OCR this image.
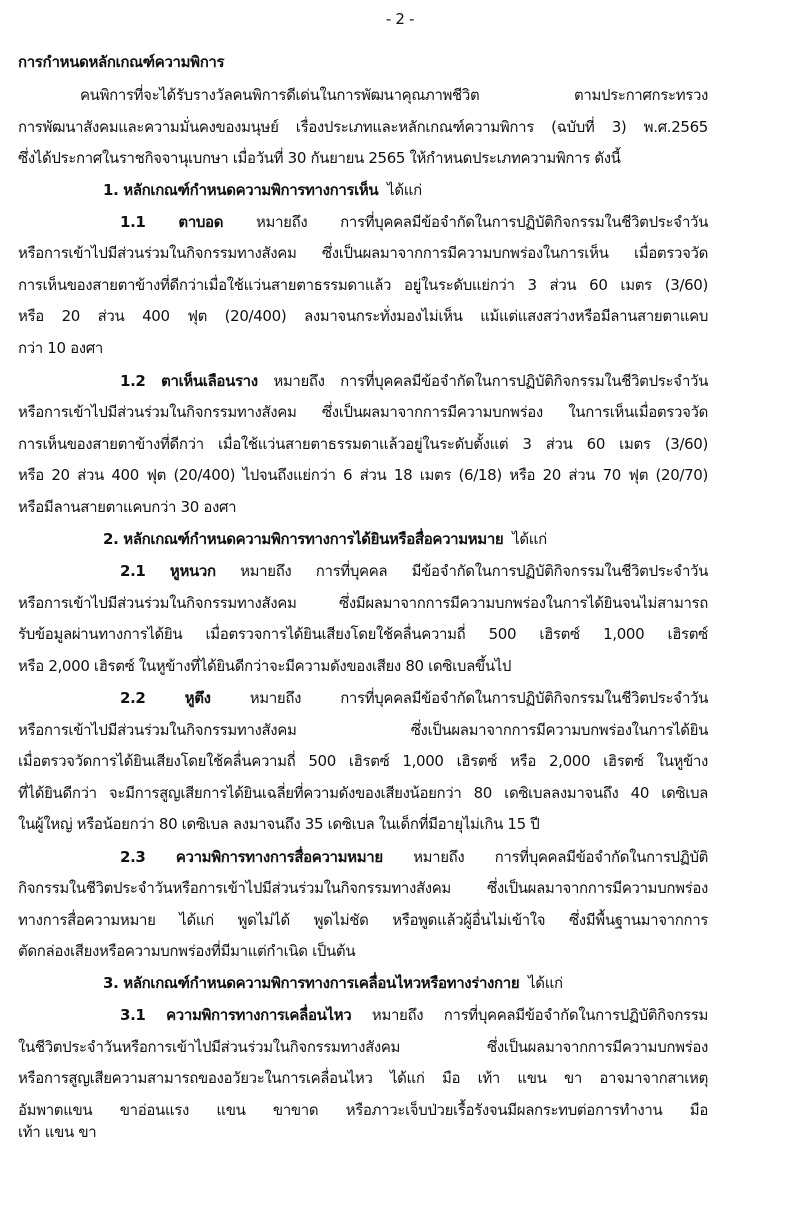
- 2 -
การกำหนดหลักเกณฑ์ความพิการ
คนพิการที่จะได้รับรางวัลคนพิการดีเด่นในการพัฒนาคุณภาพชีวิต ตามประกาศกระทรวง
การพัฒนาสังคมและความมั่นคงของมนุษย์ เรื่องประเภทและหลักเกณฑ์ความพิการ (ฉบับที่ 3) พ.ศ.2565
ซึ่งได้ประกาศในราชกิจจานุเบกษา เมื่อวันที่ 30 กันยายน 2565 ให้กำหนดประเภทความพิการ ดังนี้
1. หลักเกณฑ์กำหนดความพิการทางการเห็น ได้แก่
1.1 ตาบอด หมายถึง การที่บุคคลมีข้อจำกัดในการปฏิบัติกิจกรรมในชีวิตประจำวัน
หรือการเข้าไปมีส่วนร่วมในกิจกรรมทางสังคม ซึ่งเป็นผลมาจากการมีความบกพร่องในการเห็น เมื่อตรวจวัด
การเห็นของสายตาข้างที่ดีกว่าเมื่อใช้แว่นสายตาธรรมดาแล้ว อยู่ในระดับแย่กว่า 3 ส่วน 60 เมตร (3/60)
หรือ 20 ส่วน 400 ฟุต (20/400) ลงมาจนกระทั่งมองไม่เห็น แม้แต่แสงสว่างหรือมีลานสายตาแคบ
กว่า 10 องศา
1.2 ตาเห็นเลือนราง หมายถึง การที่บุคคลมีข้อจำกัดในการปฏิบัติกิจกรรมในชีวิตประจำวัน
หรือการเข้าไปมีส่วนร่วมในกิจกรรมทางสังคม ซึ่งเป็นผลมาจากการมีความบกพร่อง ในการเห็นเมื่อตรวจวัด
การเห็นของสายตาข้างที่ดีกว่า เมื่อใช้แว่นสายตาธรรมดาแล้วอยู่ในระดับตั้งแต่ 3 ส่วน 60 เมตร (3/60)
หรือ 20 ส่วน 400 ฟุต (20/400) ไปจนถึงแย่กว่า 6 ส่วน 18 เมตร (6/18) หรือ 20 ส่วน 70 ฟุต (20/70)
หรือมีลานสายตาแคบกว่า 30 องศา
2. หลักเกณฑ์กำหนดความพิการทางการได้ยินหรือสื่อความหมาย ได้แก่
2.1 หูหนวก หมายถึง การที่บุคคล มีข้อจำกัดในการปฏิบัติกิจกรรมในชีวิตประจำวัน
หรือการเข้าไปมีส่วนร่วมในกิจกรรมทางสังคม ซึ่งมีผลมาจากการมีความบกพร่องในการได้ยินจนไม่สามารถ
รับข้อมูลผ่านทางการได้ยิน เมื่อตรวจการได้ยินเสียงโดยใช้คลื่นความถี่ 500 เฮิรตซ์ 1,000 เฮิรตซ์
หรือ 2,000 เฮิรตซ์ ในหูข้างที่ได้ยินดีกว่าจะมีความดังของเสียง 80 เดซิเบลขึ้นไป
2.2	หูตึง	หมายถึง การที่บุคคลมีข้อจำกัดในการปฏิบัติกิจกรรมในชีวิตประจำวัน
หรือการเข้าไปมีส่วนร่วมในกิจกรรมทางสังคม ซึ่งเป็นผลมาจากการมีความบกพร่องในการได้ยิน
เมื่อตรวจวัดการได้ยินเสียงโดยใช้คลื่นความถี่ 500 เฮิรตซ์ 1,000 เฮิรตซ์ หรือ 2,000 เฮิรตซ์ ในหูข้าง
ที่ได้ยินดีกว่า จะมีการสูญเสียการได้ยินเฉลี่ยที่ความดังของเสียงน้อยกว่า 80 เดซิเบลลงมาจนถึง 40 เดซิเบล
ในผู้ใหญ่ หรือน้อยกว่า 80 เดซิเบล ลงมาจนถึง 35 เดซิเบล ในเด็กที่มีอายุไม่เกิน 15 ปี
2.3 ความพิการทางการสื่อความหมาย หมายถึง การที่บุคคลมีข้อจำกัดในการปฏิบัติ
กิจกรรมในชีวิตประจำวันหรือการเข้าไปมีส่วนร่วมในกิจกรรมทางสังคม ซึ่งเป็นผลมาจากการมีความบกพร่อง
ทางการสื่อความหมาย ได้แก่ พูดไม่ได้ พูดไม่ชัด หรือพูดแล้วผู้อื่นไม่เข้าใจ ซึ่งมีพื้นฐานมาจากการ
ตัดกล่องเสียงหรือความบกพร่องที่มีมาแต่กำเนิด เป็นต้น
3. หลักเกณฑ์กำหนดความพิการทางการเคลื่อนไหวหรือทางร่างกาย ได้แก่
3.1 ความพิการทางการเคลื่อนไหว หมายถึง การที่บุคคลมีข้อจำกัดในการปฏิบัติกิจกรรม
ในชีวิตประจำวันหรือการเข้าไปมีส่วนร่วมในกิจกรรมทางสังคม ซึ่งเป็นผลมาจากการมีความบกพร่อง
หรือการสูญเสียความสามารถของอวัยวะในการเคลื่อนไหว ได้แก่ มือ เท้า แขน ขา อาจมาจากสาเหตุ
อัมพาตแขน ขาอ่อนแรง แขน ขาขาด หรือภาวะเจ็บป่วยเรื้อรังจนมีผลกระทบต่อการทำงาน มือ
เท้า แขน ขา
